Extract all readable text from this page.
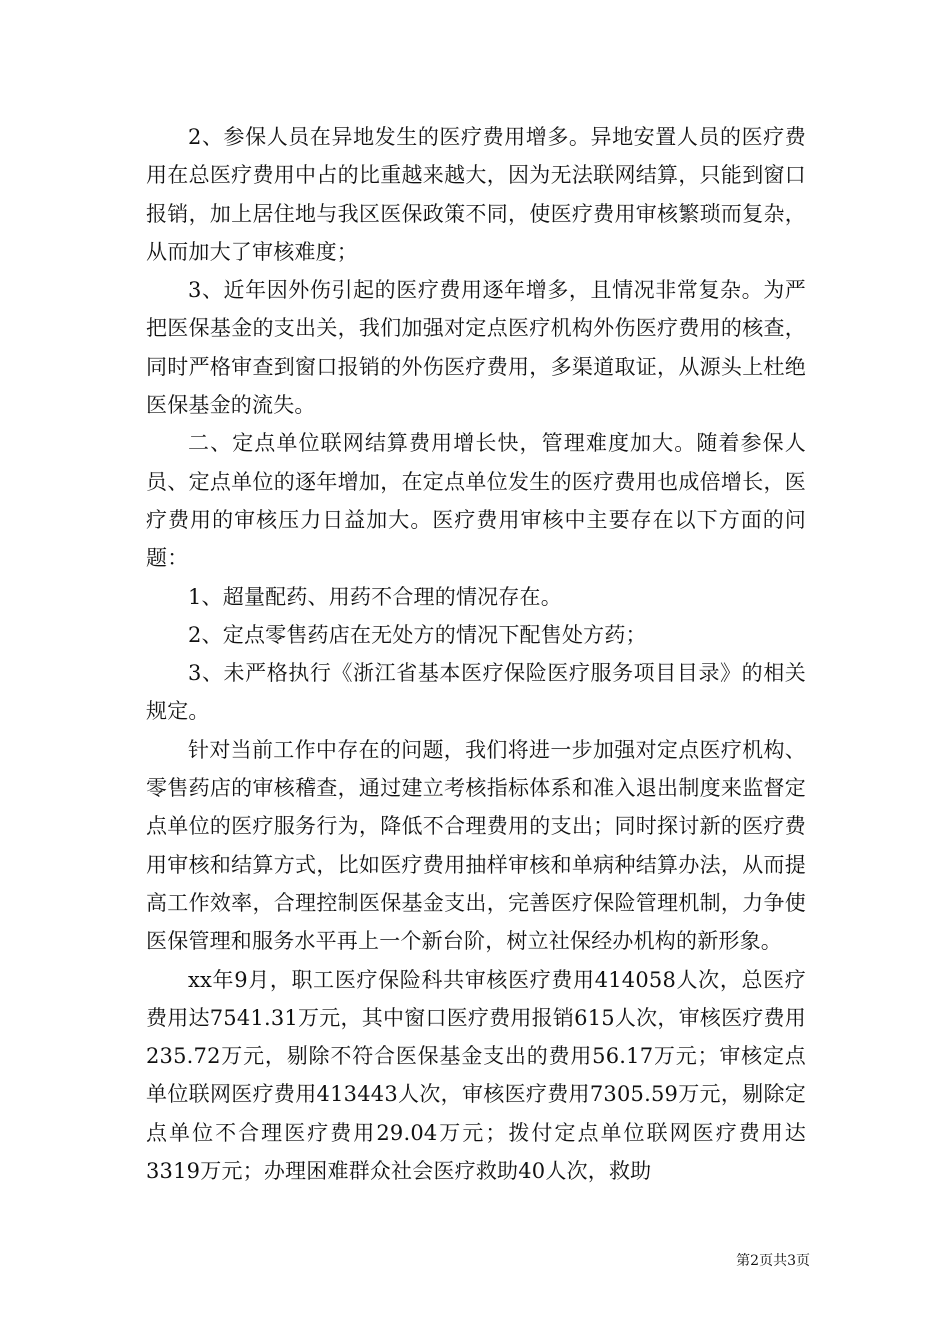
2、参保人员在异地发生的医疗费用增多。异地安置人员的医疗费用在总医疗费用中占的比重越来越大，因为无法联网结算，只能到窗口报销，加上居住地与我区医保政策不同，使医疗费用审核繁琐而复杂，从而加大了审核难度；

3、近年因外伤引起的医疗费用逐年增多，且情况非常复杂。为严把医保基金的支出关，我们加强对定点医疗机构外伤医疗费用的核查，同时严格审查到窗口报销的外伤医疗费用，多渠道取证，从源头上杜绝医保基金的流失。

二、定点单位联网结算费用增长快，管理难度加大。随着参保人员、定点单位的逐年增加，在定点单位发生的医疗费用也成倍增长，医疗费用的审核压力日益加大。医疗费用审核中主要存在以下方面的问题：

1、超量配药、用药不合理的情况存在。

2、定点零售药店在无处方的情况下配售处方药；

3、未严格执行《浙江省基本医疗保险医疗服务项目目录》的相关规定。

针对当前工作中存在的问题，我们将进一步加强对定点医疗机构、零售药店的审核稽查，通过建立考核指标体系和准入退出制度来监督定点单位的医疗服务行为，降低不合理费用的支出；同时探讨新的医疗费用审核和结算方式，比如医疗费用抽样审核和单病种结算办法，从而提高工作效率，合理控制医保基金支出，完善医疗保险管理机制，力争使医保管理和服务水平再上一个新台阶，树立社保经办机构的新形象。

xx年9月，职工医疗保险科共审核医疗费用414058人次，总医疗费用达7541.31万元，其中窗口医疗费用报销615人次，审核医疗费用235.72万元，剔除不符合医保基金支出的费用56.17万元；审核定点单位联网医疗费用413443人次，审核医疗费用7305.59万元，剔除定点单位不合理医疗费用29.04万元；拨付定点单位联网医疗费用达3319万元；办理困难群众社会医疗救助40人次，救助

第2页共3页
